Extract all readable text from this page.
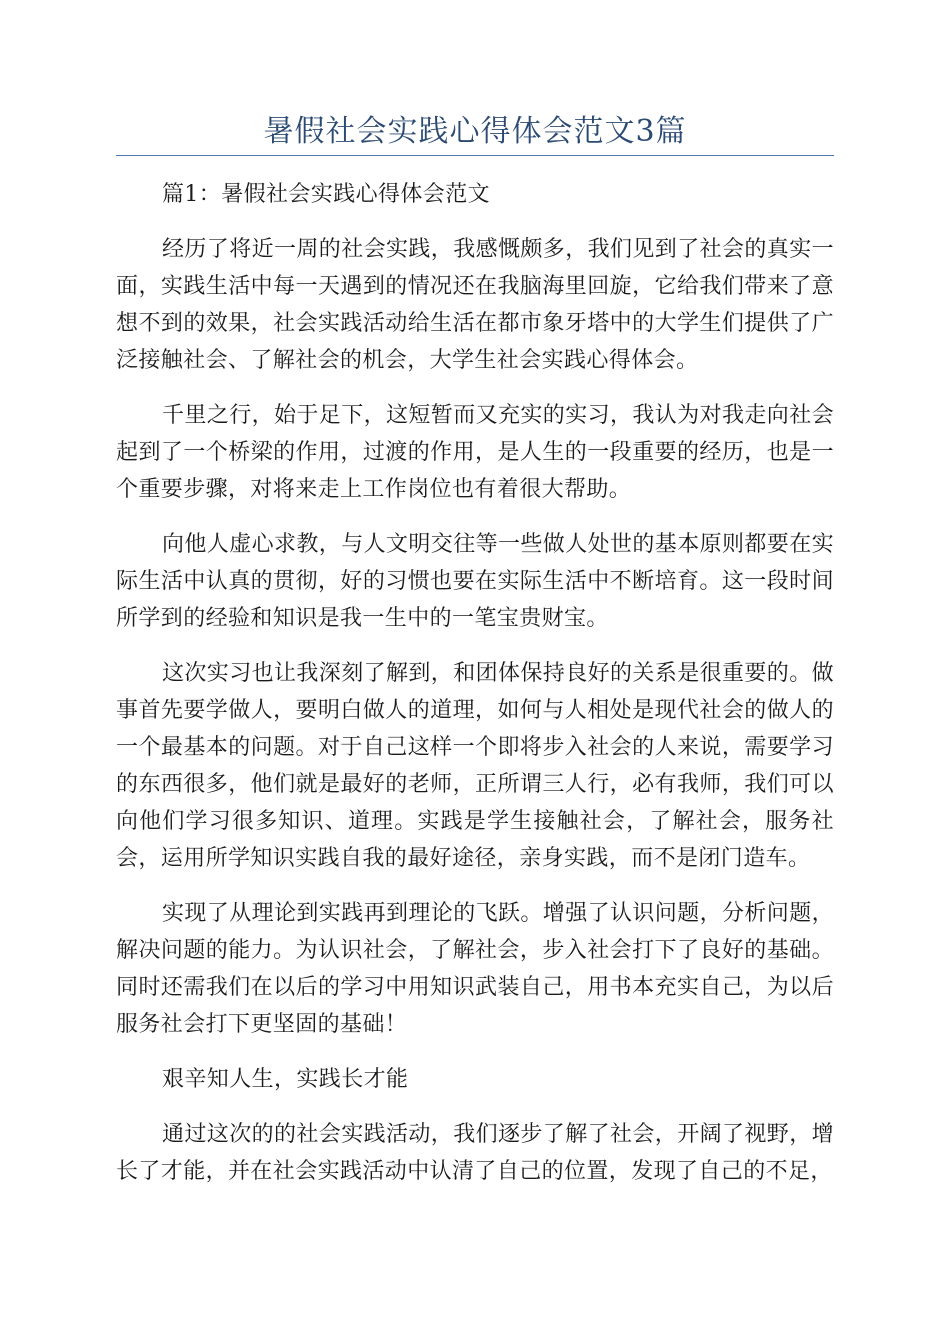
暑假社会实践心得体会范文3篇

篇1：暑假社会实践心得体会范文

经历了将近一周的社会实践，我感慨颇多，我们见到了社会的真实一面，实践生活中每一天遇到的情况还在我脑海里回旋，它给我们带来了意想不到的效果，社会实践活动给生活在都市象牙塔中的大学生们提供了广泛接触社会、了解社会的机会，大学生社会实践心得体会。

千里之行，始于足下，这短暂而又充实的实习，我认为对我走向社会起到了一个桥梁的作用，过渡的作用，是人生的一段重要的经历，也是一个重要步骤，对将来走上工作岗位也有着很大帮助。

向他人虚心求教，与人文明交往等一些做人处世的基本原则都要在实际生活中认真的贯彻，好的习惯也要在实际生活中不断培育。这一段时间所学到的经验和知识是我一生中的一笔宝贵财宝。

这次实习也让我深刻了解到，和团体保持良好的关系是很重要的。做事首先要学做人，要明白做人的道理，如何与人相处是现代社会的做人的一个最基本的问题。对于自己这样一个即将步入社会的人来说，需要学习的东西很多，他们就是最好的老师，正所谓三人行，必有我师，我们可以向他们学习很多知识、道理。实践是学生接触社会，了解社会，服务社会，运用所学知识实践自我的最好途径，亲身实践，而不是闭门造车。

实现了从理论到实践再到理论的飞跃。增强了认识问题，分析问题，解决问题的能力。为认识社会，了解社会，步入社会打下了良好的基础。同时还需我们在以后的学习中用知识武装自己，用书本充实自己，为以后服务社会打下更坚固的基础！

艰辛知人生，实践长才能

通过这次的的社会实践活动，我们逐步了解了社会，开阔了视野，增长了才能，并在社会实践活动中认清了自己的位置，发现了自己的不足，
